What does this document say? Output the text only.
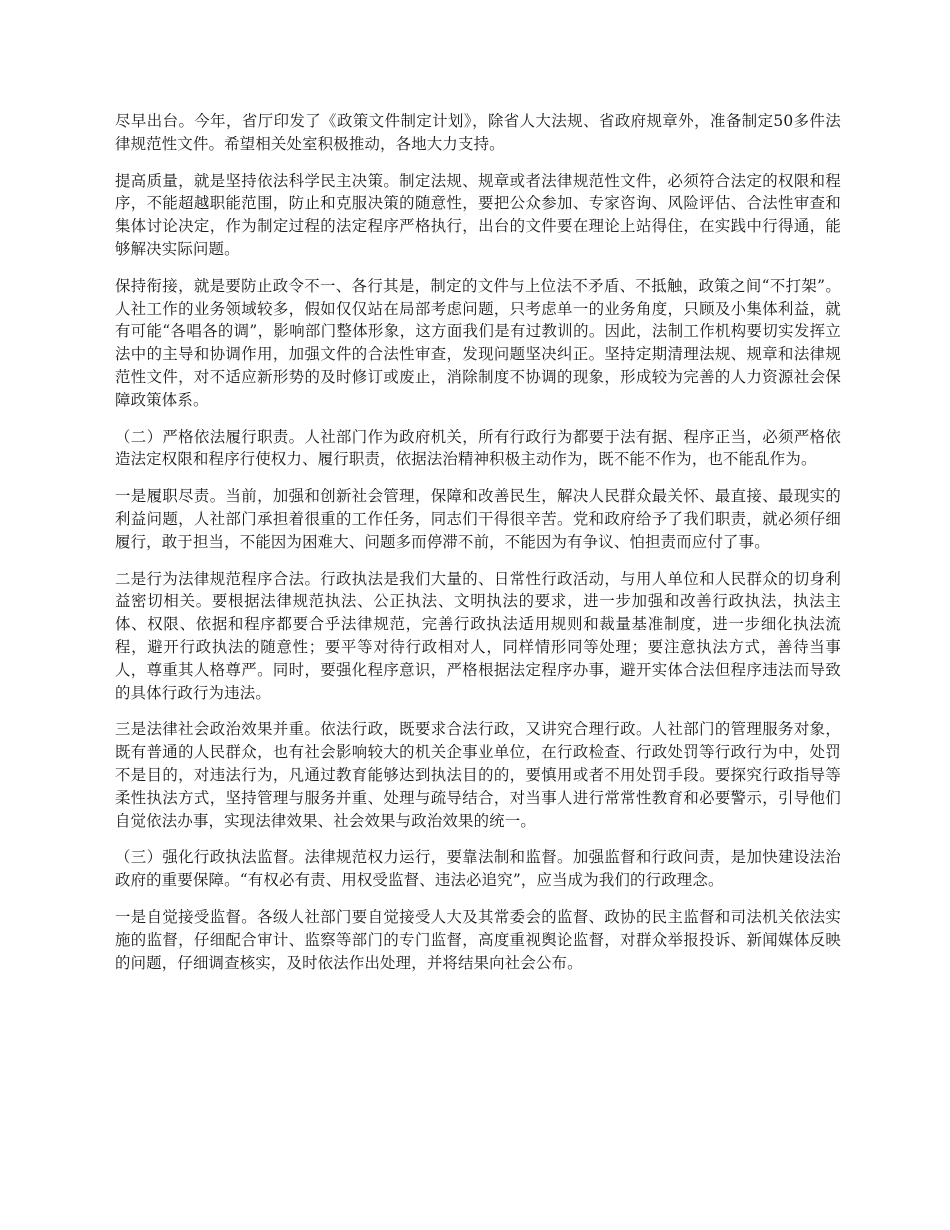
尽早出台。今年，省厅印发了《政策文件制定计划》，除省人大法规、省政府规章外，准备制定50多件法律规范性文件。希望相关处室积极推动，各地大力支持。

提高质量，就是坚持依法科学民主决策。制定法规、规章或者法律规范性文件，必须符合法定的权限和程序，不能超越职能范围，防止和克服决策的随意性，要把公众参加、专家咨询、风险评估、合法性审查和集体讨论决定，作为制定过程的法定程序严格执行，出台的文件要在理论上站得住，在实践中行得通，能够解决实际问题。

保持衔接，就是要防止政令不一、各行其是，制定的文件与上位法不矛盾、不抵触，政策之间“不打架”。人社工作的业务领域较多，假如仅仅站在局部考虑问题，只考虑单一的业务角度，只顾及小集体利益，就有可能“各唱各的调”，影响部门整体形象，这方面我们是有过教训的。因此，法制工作机构要切实发挥立法中的主导和协调作用，加强文件的合法性审查，发现问题坚决纠正。坚持定期清理法规、规章和法律规范性文件，对不适应新形势的及时修订或废止，消除制度不协调的现象，形成较为完善的人力资源社会保障政策体系。

（二）严格依法履行职责。人社部门作为政府机关，所有行政行为都要于法有据、程序正当，必须严格依造法定权限和程序行使权力、履行职责，依据法治精神积极主动作为，既不能不作为，也不能乱作为。

一是履职尽责。当前，加强和创新社会管理，保障和改善民生，解决人民群众最关怀、最直接、最现实的利益问题，人社部门承担着很重的工作任务，同志们干得很辛苦。党和政府给予了我们职责，就必须仔细履行，敢于担当，不能因为困难大、问题多而停滞不前，不能因为有争议、怕担责而应付了事。

二是行为法律规范程序合法。行政执法是我们大量的、日常性行政活动，与用人单位和人民群众的切身利益密切相关。要根据法律规范执法、公正执法、文明执法的要求，进一步加强和改善行政执法，执法主体、权限、依据和程序都要合乎法律规范，完善行政执法适用规则和裁量基准制度，进一步细化执法流程，避开行政执法的随意性；要平等对待行政相对人，同样情形同等处理；要注意执法方式，善待当事人，尊重其人格尊严。同时，要强化程序意识，严格根据法定程序办事，避开实体合法但程序违法而导致的具体行政行为违法。

三是法律社会政治效果并重。依法行政，既要求合法行政，又讲究合理行政。人社部门的管理服务对象，既有普通的人民群众，也有社会影响较大的机关企事业单位，在行政检查、行政处罚等行政行为中，处罚不是目的，对违法行为，凡通过教育能够达到执法目的的，要慎用或者不用处罚手段。要探究行政指导等柔性执法方式，坚持管理与服务并重、处理与疏导结合，对当事人进行常常性教育和必要警示，引导他们自觉依法办事，实现法律效果、社会效果与政治效果的统一。

（三）强化行政执法监督。法律规范权力运行，要靠法制和监督。加强监督和行政问责，是加快建设法治政府的重要保障。“有权必有责、用权受监督、违法必追究”，应当成为我们的行政理念。

一是自觉接受监督。各级人社部门要自觉接受人大及其常委会的监督、政协的民主监督和司法机关依法实施的监督，仔细配合审计、监察等部门的专门监督，高度重视舆论监督，对群众举报投诉、新闻媒体反映的问题，仔细调查核实，及时依法作出处理，并将结果向社会公布。
